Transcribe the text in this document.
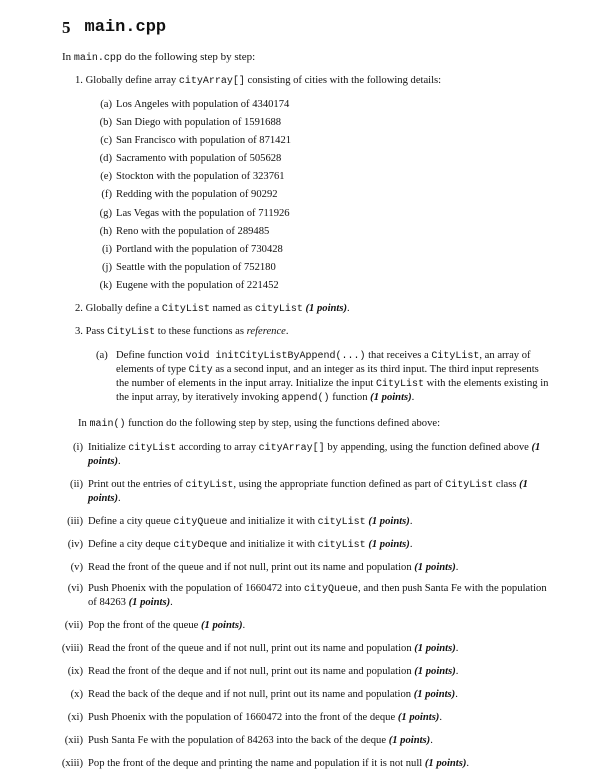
5 main.cpp
In main.cpp do the following step by step:
1. Globally define array cityArray[] consisting of cities with the following details:
(a) Los Angeles with population of 4340174
(b) San Diego with population of 1591688
(c) San Francisco with population of 871421
(d) Sacramento with population of 505628
(e) Stockton with the population of 323761
(f) Redding with the population of 90292
(g) Las Vegas with the population of 711926
(h) Reno with the population of 289485
(i) Portland with the population of 730428
(j) Seattle with the population of 752180
(k) Eugene with the population of 221452
2. Globally define a CityList named as cityList (1 points).
3. Pass CityList to these functions as reference.
(a) Define function void initCityListByAppend(...) that receives a CityList, an array of elements of type City as a second input, and an integer as its third input. The third input represents the number of elements in the input array. Initialize the input CityList with the elements existing in the input array, by iteratively invoking append() function (1 points).
In main() function do the following step by step, using the functions defined above:
(i) Initialize cityList according to array cityArray[] by appending, using the function defined above (1 points).
(ii) Print out the entries of cityList, using the appropriate function defined as part of CityList class (1 points).
(iii) Define a city queue cityQueue and initialize it with cityList (1 points).
(iv) Define a city deque cityDeque and initialize it with cityList (1 points).
(v) Read the front of the queue and if not null, print out its name and population (1 points).
(vi) Push Phoenix with the population of 1660472 into cityQueue, and then push Santa Fe with the population of 84263 (1 points).
(vii) Pop the front of the queue (1 points).
(viii) Read the front of the queue and if not null, print out its name and population (1 points).
(ix) Read the front of the deque and if not null, print out its name and population (1 points).
(x) Read the back of the deque and if not null, print out its name and population (1 points).
(xi) Push Phoenix with the population of 1660472 into the front of the deque (1 points).
(xii) Push Santa Fe with the population of 84263 into the back of the deque (1 points).
(xiii) Pop the front of the deque and printing the name and population if it is not null (1 points).
